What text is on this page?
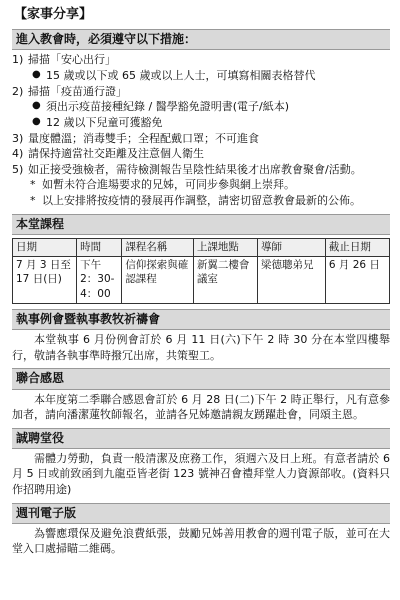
【家事分享】
進入教會時，必須遵守以下措施：
1) 掃描「安心出行」
● 15 歲或以下或 65 歲或以上人士，可填寫相關表格替代
2) 掃描「疫苗通行證」
● 須出示疫苗接種紀錄 / 醫學豁免證明書(電子/紙本)
● 12 歲以下兒童可獲豁免
3) 量度體溫；消毒雙手；全程配戴口罩；不可進食
4) 請保持適當社交距離及注意個人衛生
5) 如正接受強檢者，需待檢測報告呈陰性結果後才出席教會聚會/活動。
* 如暫未符合進場要求的兄姊，可同步參與網上崇拜。
* 以上安排將按疫情的發展再作調整，請密切留意教會最新的公佈。
本堂課程
日期	時間	課程名稱	上課地點	導師	截止日期
7 月 3 日至 17 日(日)	下午 2：30-4：00	信仰探索與確認課程	新翼二樓會議室	梁德聰弟兄	6 月 26 日
執事例會暨執事教牧祈禱會
本堂執事 6 月份例會訂於 6 月 11 日(六)下午 2 時 30 分在本堂四樓舉行，敬請各執事準時撥冗出席，共策聖工。
聯合感恩
本年度第二季聯合感恩會訂於 6 月 28 日(二)下午 2 時正舉行，凡有意參加者，請向潘潔蓮牧師報名，並請各兄姊邀請親友踴躍赴會，同頌主恩。
誠聘堂役
需體力勞動，負責一般清潔及庶務工作，須週六及日上班。有意者請於 6 月 5 日或前致函到九龍亞皆老街 123 號神召會禮拜堂人力資源部收。(資料只作招聘用途)
週刊電子版
為響應環保及避免浪費紙張，鼓勵兄姊善用教會的週刊電子版，並可在大堂入口處掃瞄二維碼。
